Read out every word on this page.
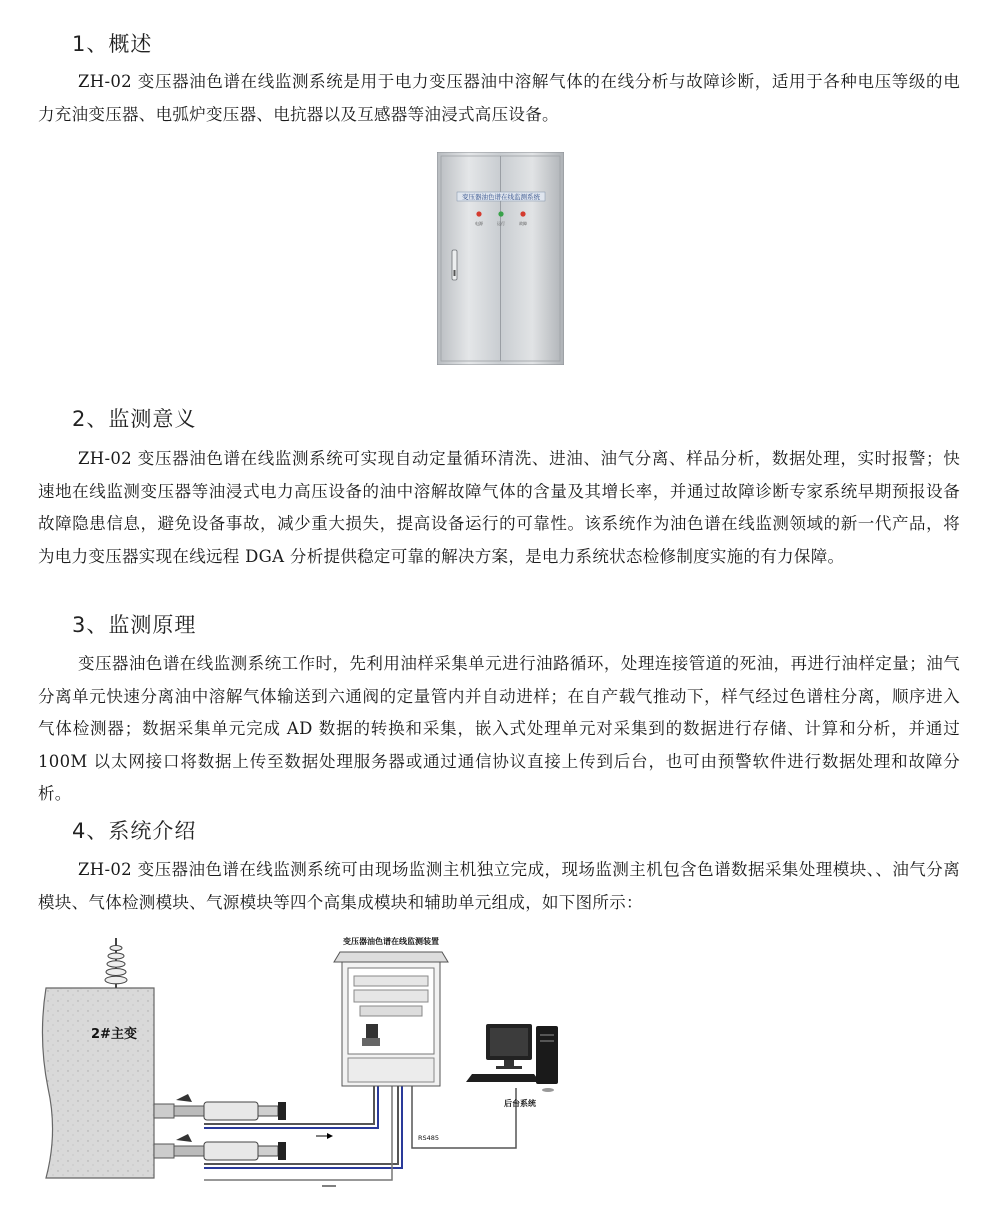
1、概述
ZH-02 变压器油色谱在线监测系统是用于电力变压器油中溶解气体的在线分析与故障诊断，适用于各种电压等级的电力充油变压器、电弧炉变压器、电抗器以及互感器等油浸式高压设备。
变压器油色谱在线监测系统
电源	运行	故障
2、监测意义
ZH-02 变压器油色谱在线监测系统可实现自动定量循环清洗、进油、油气分离、样品分析，数据处理，实时报警；快速地在线监测变压器等油浸式电力高压设备的油中溶解故障气体的含量及其增长率，并通过故障诊断专家系统早期预报设备故障隐患信息，避免设备事故，减少重大损失，提高设备运行的可靠性。该系统作为油色谱在线监测领域的新一代产品，将为电力变压器实现在线远程 DGA 分析提供稳定可靠的解决方案，是电力系统状态检修制度实施的有力保障。
3、监测原理
变压器油色谱在线监测系统工作时，先利用油样采集单元进行油路循环，处理连接管道的死油，再进行油样定量；油气分离单元快速分离油中溶解气体输送到六通阀的定量管内并自动进样；在自产载气推动下，样气经过色谱柱分离，顺序进入气体检测器；数据采集单元完成 AD 数据的转换和采集，嵌入式处理单元对采集到的数据进行存储、计算和分析，并通过 100M 以太网接口将数据上传至数据处理服务器或通过通信协议直接上传到后台，也可由预警软件进行数据处理和故障分析。
4、系统介绍
ZH-02 变压器油色谱在线监测系统可由现场监测主机独立完成，现场监测主机包含色谱数据采集处理模块、、油气分离模块、气体检测模块、气源模块等四个高集成模块和辅助单元组成，如下图所示：
2#主变
变压器油色谱在线监测装置
RS485
后台系统
